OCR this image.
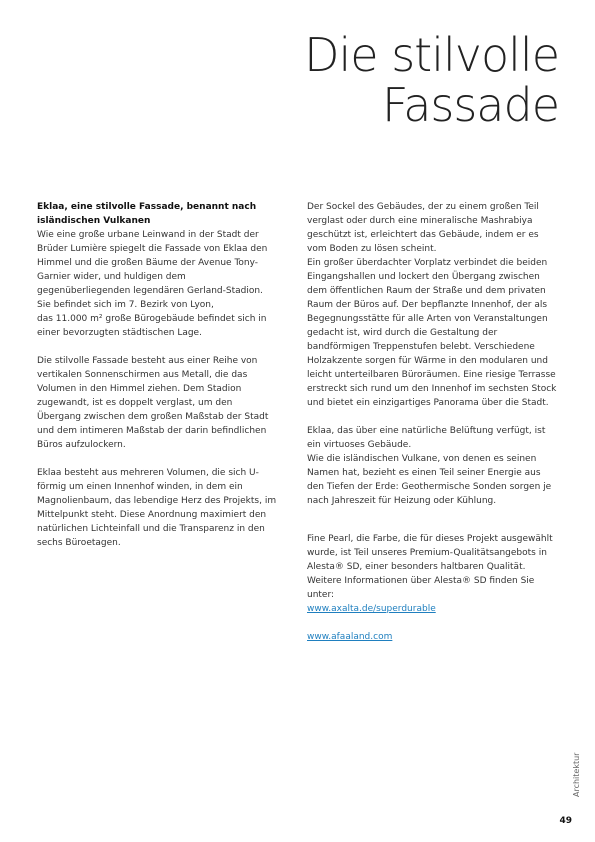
Die stilvolle
Fassade
Eklaa, eine stilvolle Fassade, benannt nach isländischen Vulkanen

Wie eine große urbane Leinwand in der Stadt der Brüder Lumière spiegelt die Fassade von Eklaa den Himmel und die großen Bäume der Avenue Tony-Garnier wider, und huldigen dem gegenüberliegenden legendären Gerland-Stadion. Sie befindet sich im 7. Bezirk von Lyon,

das 11.000 m² große Bürogebäude befindet sich in einer bevorzugten städtischen Lage.

Die stilvolle Fassade besteht aus einer Reihe von vertikalen Sonnenschirmen aus Metall, die das Volumen in den Himmel ziehen. Dem Stadion zugewandt, ist es doppelt verglast, um den Übergang zwischen dem großen Maßstab der Stadt und dem intimeren Maßstab der darin befindlichen Büros aufzulockern.

Eklaa besteht aus mehreren Volumen, die sich U-förmig um einen Innenhof winden, in dem ein Magnolienbaum, das lebendige Herz des Projekts, im Mittelpunkt steht. Diese Anordnung maximiert den natürlichen Lichteinfall und die Transparenz in den sechs Büroetagen.

Der Sockel des Gebäudes, der zu einem großen Teil verglast oder durch eine mineralische Mashrabiya geschützt ist, erleichtert das Gebäude, indem er es vom Boden zu lösen scheint.

Ein großer überdachter Vorplatz verbindet die beiden Eingangshallen und lockert den Übergang zwischen dem öffentlichen Raum der Straße und dem privaten Raum der Büros auf. Der bepflanzte Innenhof, der als Begegnungsstätte für alle Arten von Veranstaltungen gedacht ist, wird durch die Gestaltung der bandförmigen Treppenstufen belebt. Verschiedene Holzakzente sorgen für Wärme in den modularen und leicht unterteilbaren Büroräumen. Eine riesige Terrasse erstreckt sich rund um den Innenhof im sechsten Stock und bietet ein einzigartiges Panorama über die Stadt.

Eklaa, das über eine natürliche Belüftung verfügt, ist ein virtuoses Gebäude.

Wie die isländischen Vulkane, von denen es seinen Namen hat, bezieht es einen Teil seiner Energie aus den Tiefen der Erde: Geothermische Sonden sorgen je nach Jahreszeit für Heizung oder Kühlung.

Fine Pearl, die Farbe, die für dieses Projekt ausgewählt wurde, ist Teil unseres Premium-Qualitätsangebots in Alesta® SD, einer besonders haltbaren Qualität. Weitere Informationen über Alesta® SD finden Sie unter:

www.axalta.de/superdurable
www.afaaland.com
Architektur
49
